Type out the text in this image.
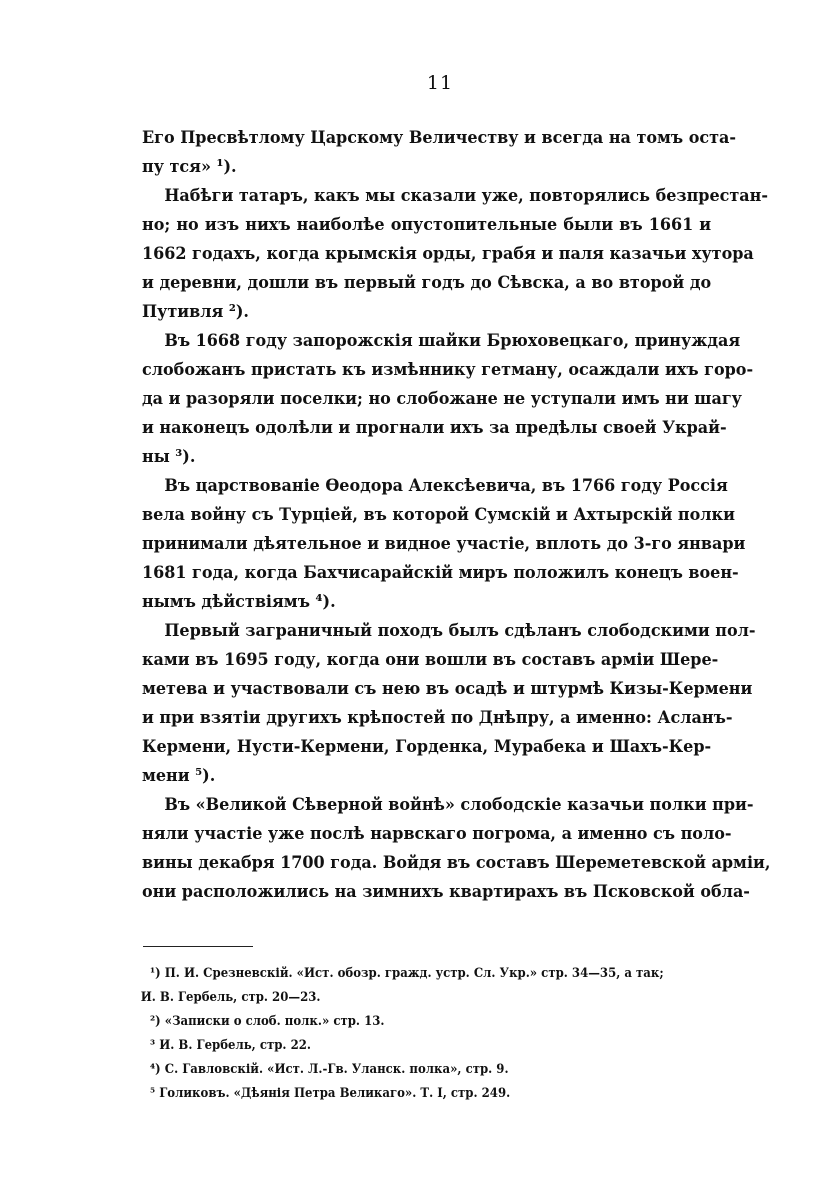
11

Его Пресвѣтлому Царскому Величеству и всегда на томъ оста-
пу тся» ¹).

Набѣги татаръ, какъ мы сказали уже, повторялись безпрестан-
но; но изъ нихъ наиболѣе опустопительные были въ 1661 и
1662 годахъ, когда крымскія орды, грабя и паля казачьи хутора
и деревни, дошли въ первый годъ до Сѣвска, а во второй до
Путивля ²).

Въ 1668 году запорожскія шайки Брюховецкаго, принуждая
слобожанъ пристать къ измѣннику гетману, осаждали ихъ горо-
да и разоряли поселки; но слобожане не уступали имъ ни шагу
и наконецъ одолѣли и прогнали ихъ за предѣлы своей Украй-
ны ³).

Въ царствованіе Ѳеодора Алексѣевича, въ 1766 году Россія
вела войну съ Турціей, въ которой Сумскій и Ахтырскій полки
принимали дѣятельное и видное участіе, вплоть до 3-го январи
1681 года, когда Бахчисарайскій миръ положилъ конецъ воен-
нымъ дѣйствіямъ ⁴).

Первый заграничный походъ былъ сдѣланъ слободскими пол-
ками въ 1695 году, когда они вошли въ составъ арміи Шере-
метева и участвовали съ нею въ осадѣ и штурмѣ Кизы-Кермени
и при взятіи другихъ крѣпостей по Днѣпру, а именно: Асланъ-
Кермени, Нусти-Кермени, Горденка, Мурабека и Шахъ-Кер-
мени ⁵).

Въ «Великой Сѣверной войнѣ» слободскіе казачьи полки при-
няли участіе уже послѣ нарвскаго погрома, а именно съ поло-
вины декабря 1700 года. Войдя въ составъ Шереметевской арміи,
они расположились на зимнихъ квартирахъ въ Псковской обла-

¹) П. И. Срезневскій. «Ист. обозр. гражд. устр. Сл. Укр.» стр. 34—35, а так;
И. В. Гербель, стр. 20—23.
²) «Записки о слоб. полк.» стр. 13.
³ И. В. Гербель, стр. 22.
⁴) С. Гавловскій. «Ист. Л.-Гв. Уланск. полка», стр. 9.
⁵ Голиковъ. «Дѣянія Петра Великаго». Т. I, стр. 249.
